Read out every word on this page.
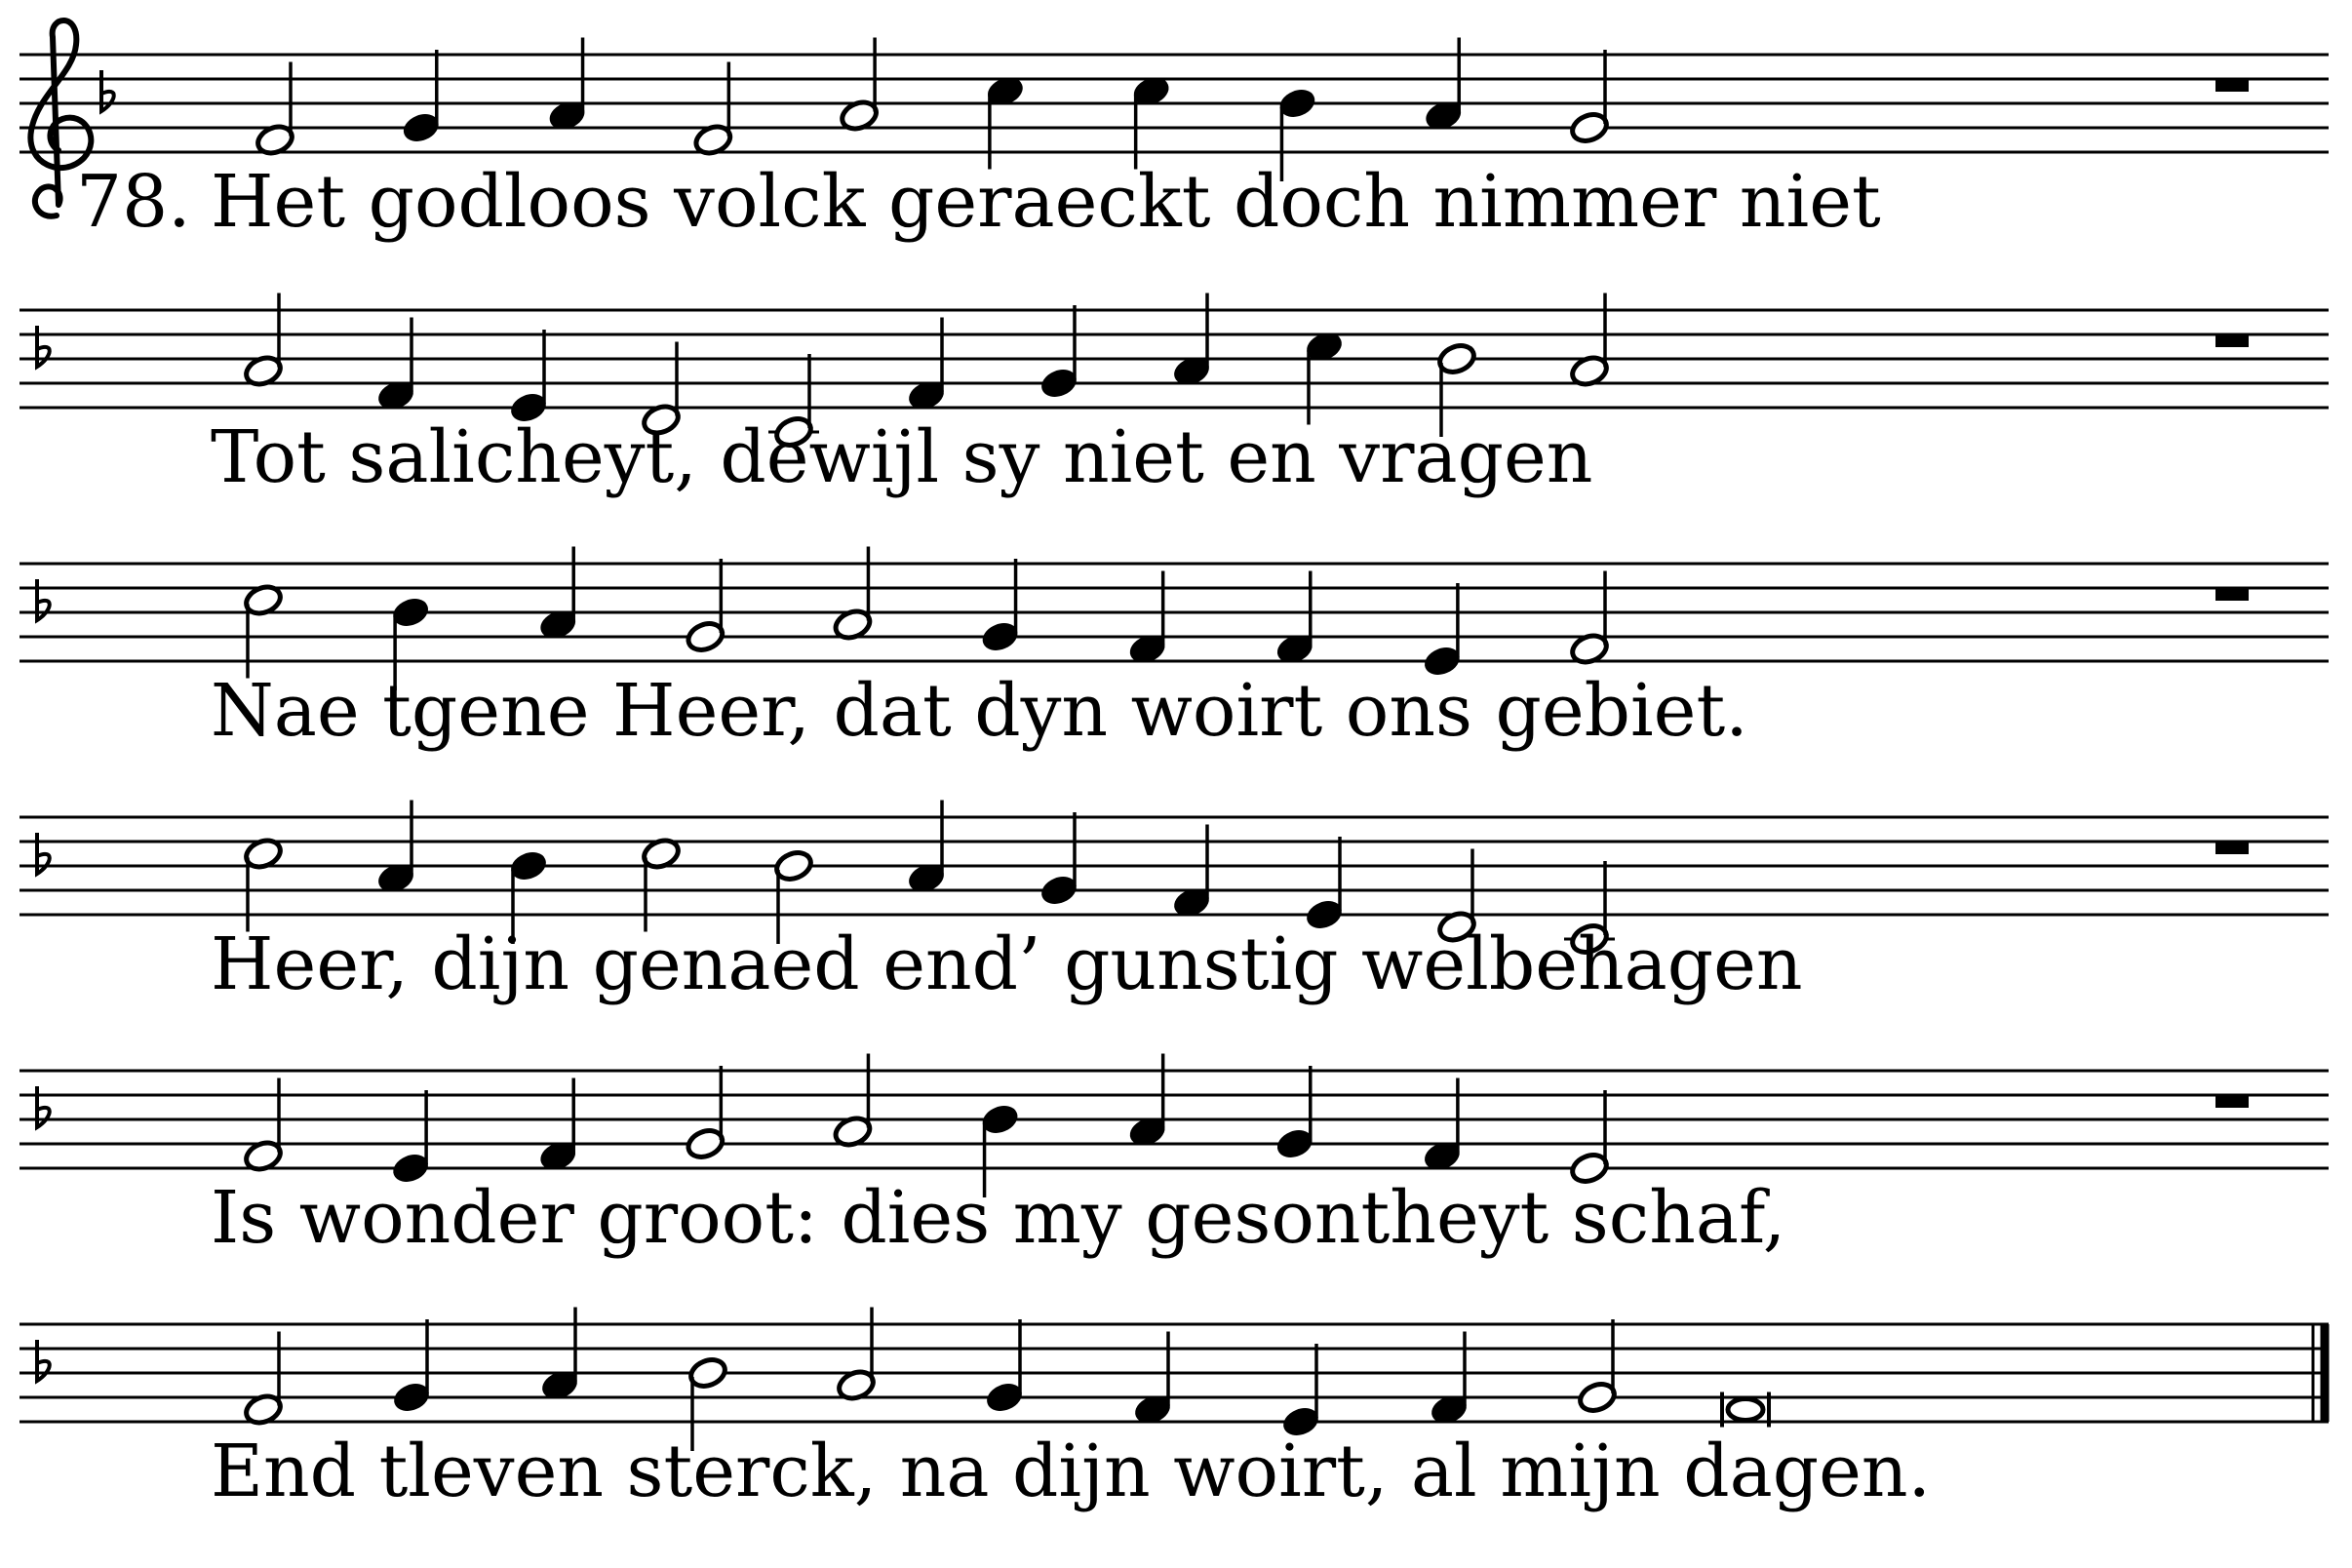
78. Het godloos volck geraeckt doch nimmer niet
Tot salicheyt, dewijl sy niet en vragen
Nae tgene Heer, dat dyn woirt ons gebiet.
Heer, dijn genaed end’ gunstig welbehagen
Is wonder groot: dies my gesontheyt schaf,
End tleven sterck, na dijn woirt, al mijn dagen.
